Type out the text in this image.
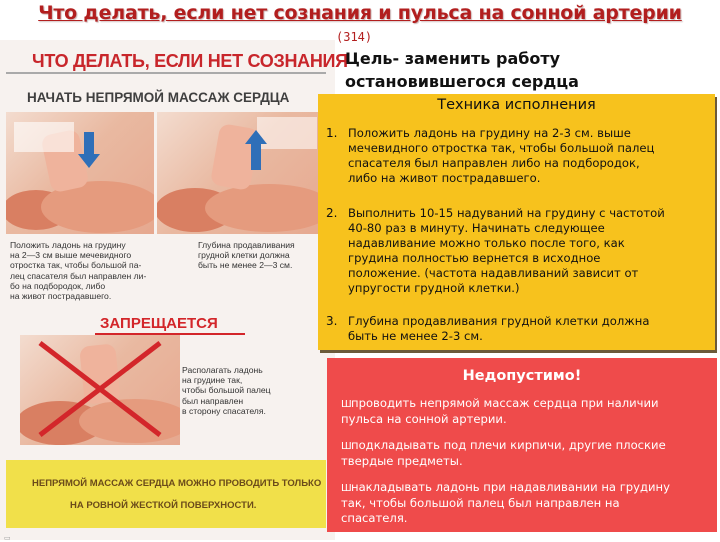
Что делать, если нет сознания и пульса на сонной артерии
(314)
ЧТО ДЕЛАТЬ, ЕСЛИ НЕТ СОЗНАНИЯ
НАЧАТЬ НЕПРЯМОЙ МАССАЖ СЕРДЦА
Положить ладонь на грудину
на 2—3 см выше мечевидного
отростка так, чтобы большой па-
лец спасателя был направлен ли-
бо на подбородок, либо
на живот пострадавшего.
Глубина продавливания
грудной клетки должна
быть не менее 2—3 см.
ЗАПРЕЩАЕТСЯ
Располагать ладонь
на грудине так,
чтобы большой палец
был направлен
в сторону спасателя.
НЕПРЯМОЙ МАССАЖ СЕРДЦА МОЖНО ПРОВОДИТЬ ТОЛЬКО
НА РОВНОЙ ЖЕСТКОЙ ПОВЕРХНОСТИ.
▭
Цель- заменить работу
остановившегося сердца
Техника исполнения
1. Положить ладонь на грудину на 2-3 см. выше
мечевидного отростка так, чтобы большой палец
спасателя был направлен либо на подбородок,
либо на живот пострадавшего.
2. Выполнить 10-15 надуваний на грудину с частотой
40-80 раз в минуту. Начинать следующее
надавливание можно только после того, как
грудина полностью вернется в исходное
положение. (частота надавливаний зависит от
упругости грудной клетки.)
3. Глубина продавливания грудной клетки должна
быть не менее 2-3 см.
Недопустимо!
Шпроводить непрямой массаж сердца при наличии
пульса на сонной артерии.
Шподкладывать под плечи кирпичи, другие плоские
твердые предметы.
Шнакладывать ладонь при надавливании на грудину
так, чтобы большой палец был направлен на
спасателя.
